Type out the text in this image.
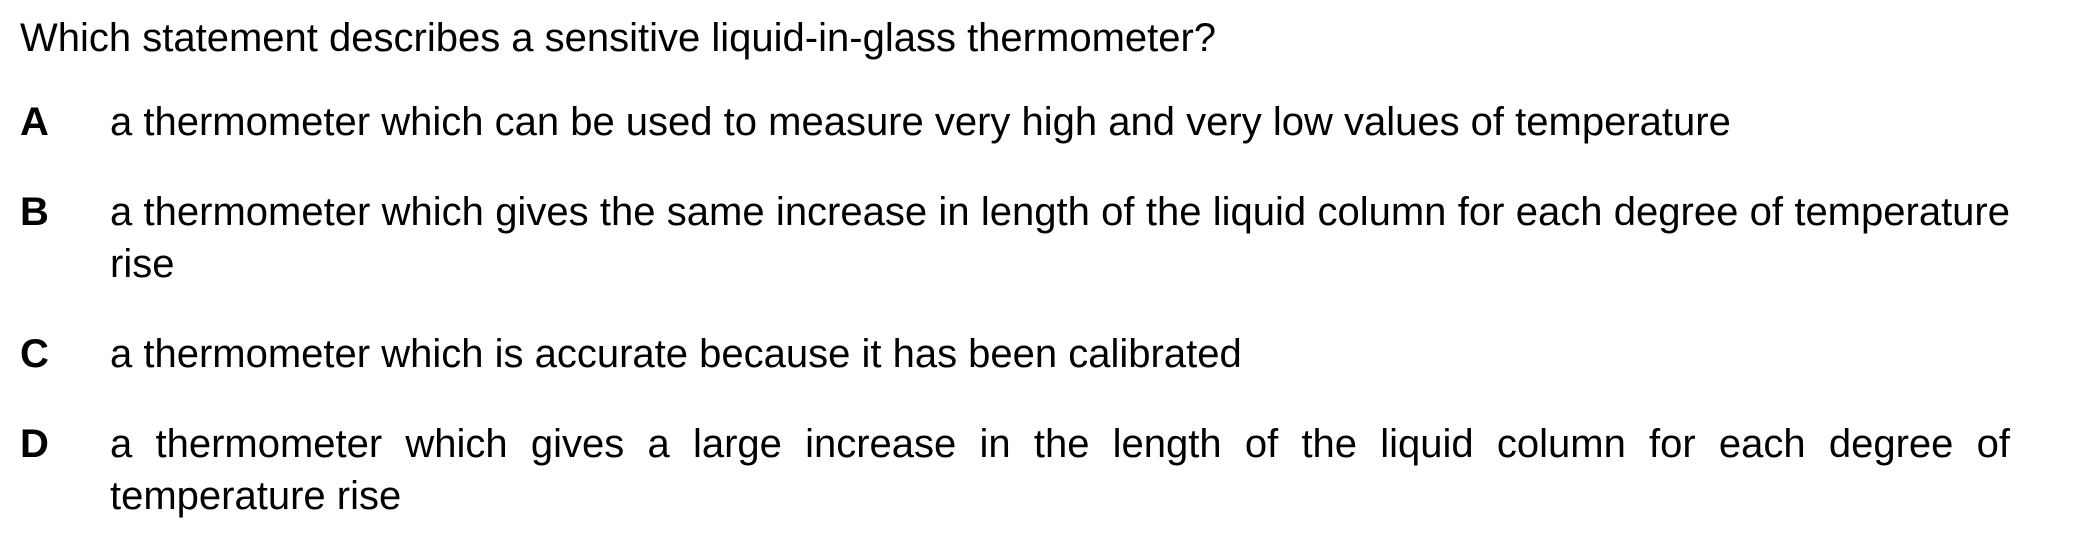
Which statement describes a sensitive liquid-in-glass thermometer?

A	a thermometer which can be used to measure very high and very low values of temperature
B	a thermometer which gives the same increase in length of the liquid column for each degree of temperature rise
C	a thermometer which is accurate because it has been calibrated
D	a thermometer which gives a large increase in the length of the liquid column for each degree of temperature rise
